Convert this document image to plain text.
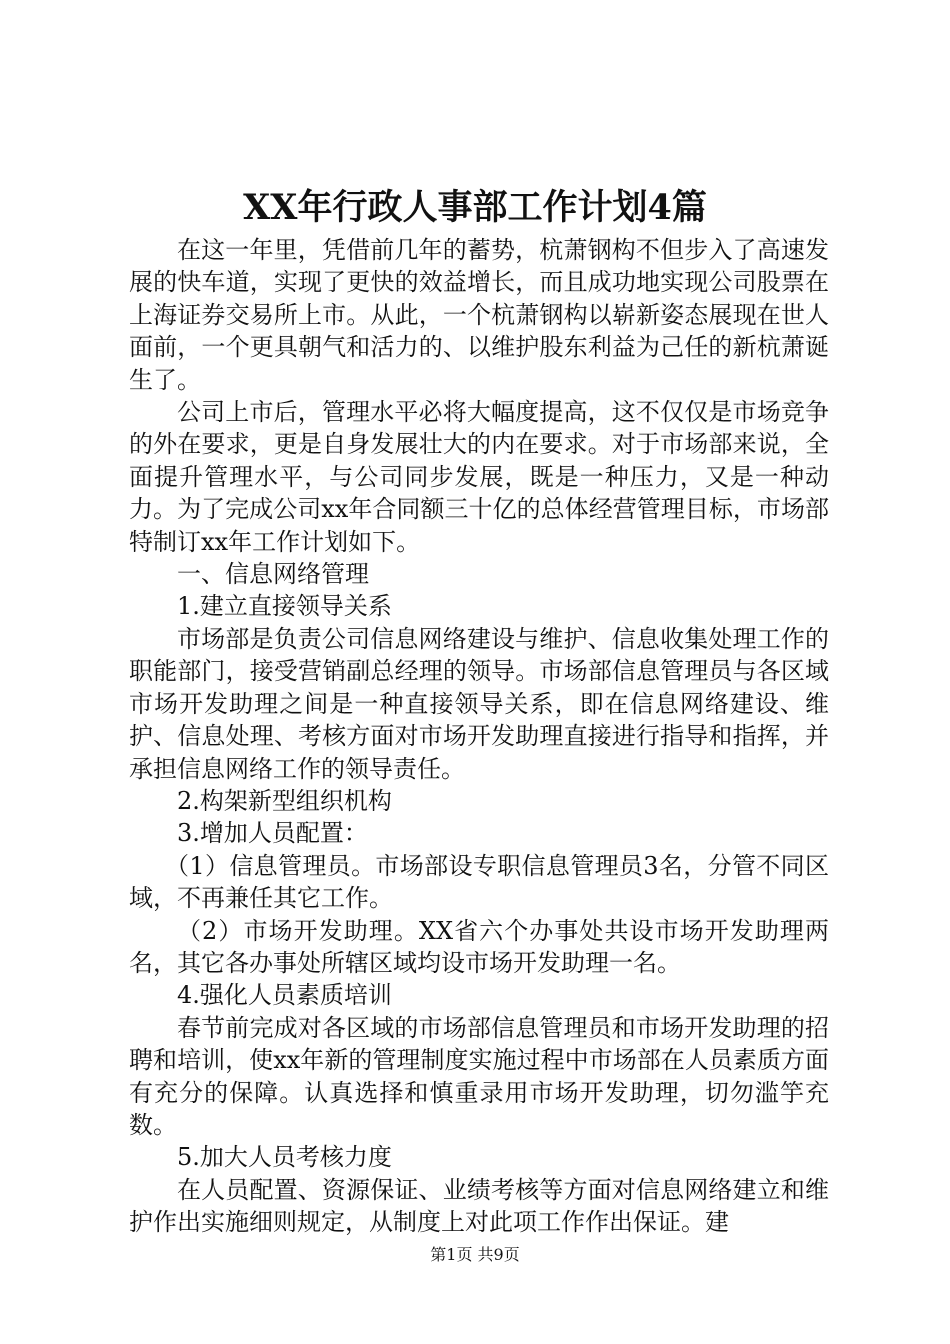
XX年行政人事部工作计划4篇

在这一年里，凭借前几年的蓄势，杭萧钢构不但步入了高速发展的快车道，实现了更快的效益增长，而且成功地实现公司股票在上海证券交易所上市。从此，一个杭萧钢构以崭新姿态展现在世人面前，一个更具朝气和活力的、以维护股东利益为己任的新杭萧诞生了。

公司上市后，管理水平必将大幅度提高，这不仅仅是市场竞争的外在要求，更是自身发展壮大的内在要求。对于市场部来说，全面提升管理水平，与公司同步发展，既是一种压力，又是一种动力。为了完成公司xx年合同额三十亿的总体经营管理目标，市场部特制订xx年工作计划如下。

一、信息网络管理

1.建立直接领导关系

市场部是负责公司信息网络建设与维护、信息收集处理工作的职能部门，接受营销副总经理的领导。市场部信息管理员与各区域市场开发助理之间是一种直接领导关系，即在信息网络建设、维护、信息处理、考核方面对市场开发助理直接进行指导和指挥，并承担信息网络工作的领导责任。

2.构架新型组织机构

3.增加人员配置：

（1）信息管理员。市场部设专职信息管理员3名，分管不同区域，不再兼任其它工作。

（2）市场开发助理。XX省六个办事处共设市场开发助理两名，其它各办事处所辖区域均设市场开发助理一名。

4.强化人员素质培训

春节前完成对各区域的市场部信息管理员和市场开发助理的招聘和培训，使xx年新的管理制度实施过程中市场部在人员素质方面有充分的保障。认真选择和慎重录用市场开发助理，切勿滥竽充数。

5.加大人员考核力度

在人员配置、资源保证、业绩考核等方面对信息网络建立和维护作出实施细则规定，从制度上对此项工作作出保证。建

第1页 共9页
